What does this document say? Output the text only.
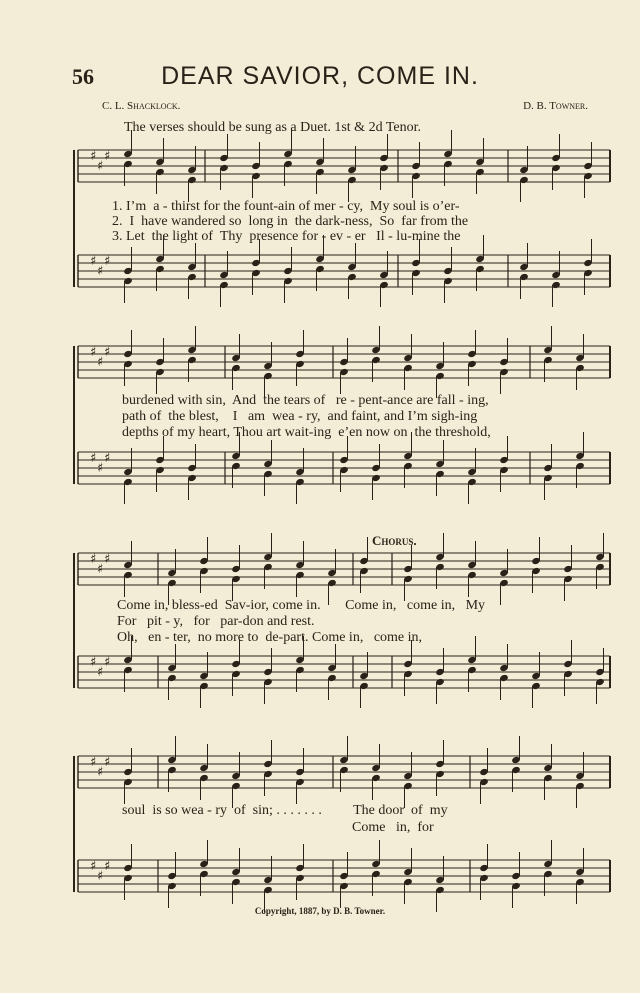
56	DEAR SAVIOR, COME IN.
C. L. Shacklock.	D. B. Towner.
The verses should be sung as a Duet. 1st & 2d Tenor.
♯
♯
♯
♯
♯
♯
♯
♯
♯
♯
♯
♯
♯
♯
♯
♯
♯
♯
♯
♯
♯
♯
♯
♯
1. I’m  a - thirst for the fount-ain of mer - cy,  My soul is o’er-
2.  I  have wandered so  long in  the dark-ness,  So  far from the
3. Let  the light of  Thy  presence for - ev - er   Il - lu-mine the
burdened with sin,  And  the tears of   re - pent-ance are fall - ing,
path of  the blest,    I   am  wea - ry,  and faint, and I’m sigh-ing
depths of my heart, Thou art wait-ing  e’en now on  the threshold,
Chorus.
Come in, bless-ed  Sav-ior, come in.       Come in,   come in,   My
For   pit - y,   for   par-don and rest.
Oh,   en - ter,  no more to  de-part. Come in,   come in,
soul  is so wea - ry  of  sin; . . . . . . .         The door  of  my
Come   in,  for
Copyright, 1887, by D. B. Towner.
